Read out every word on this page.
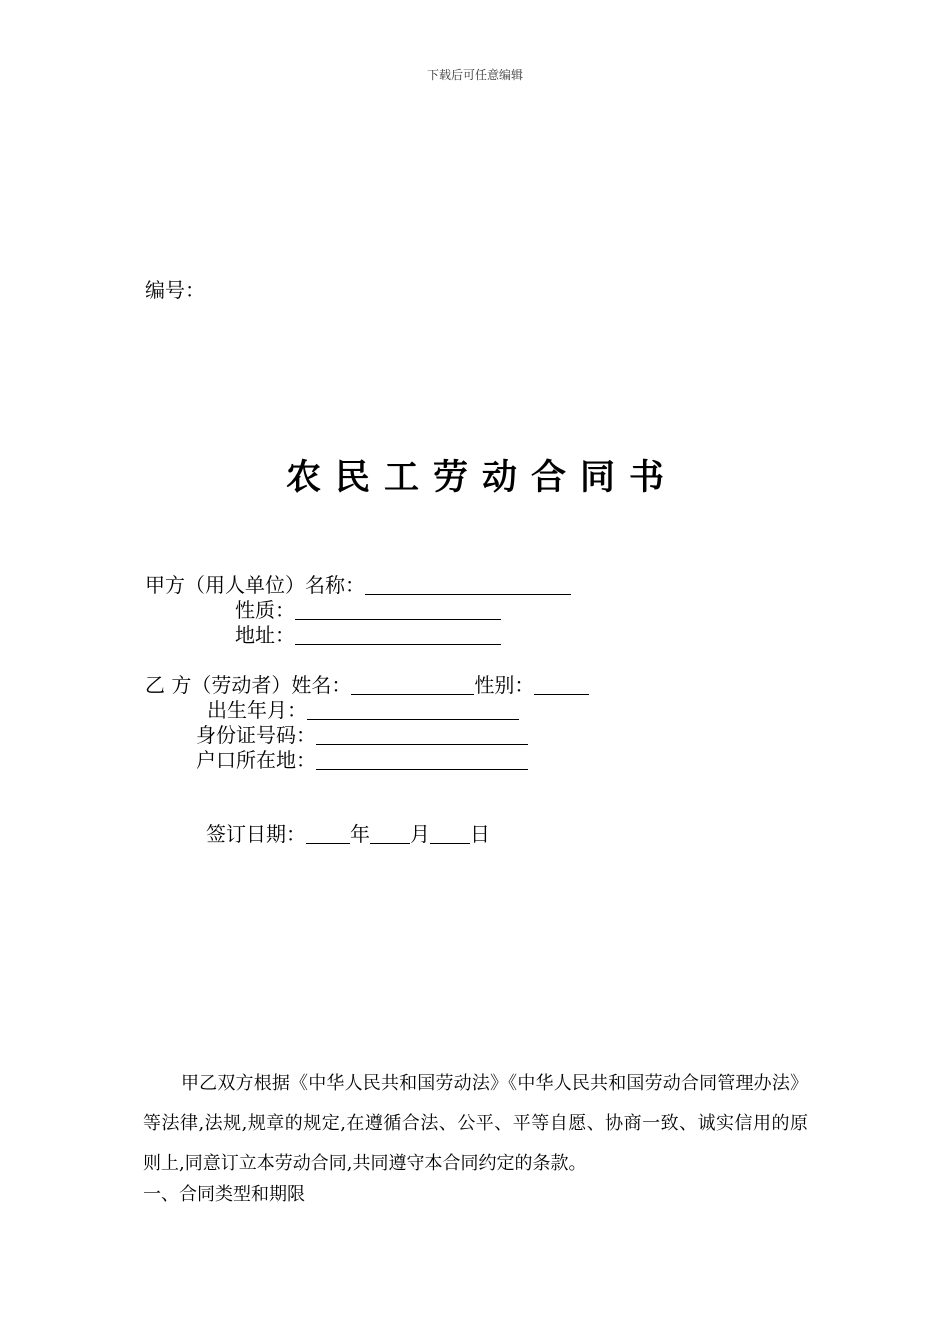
下载后可任意编辑
编号：
农民工劳动合同书
甲方（用人单位）名称：
性质：
地址：
乙 方（劳动者）姓名：	性别：
出生年月：
身份证号码：
户口所在地：
签订日期： 年 月 日
甲乙双方根据《中华人民共和国劳动法》《中华人民共和国劳动合同管理办法》等法律,法规,规章的规定,在遵循合法、公平、平等自愿、协商一致、诚实信用的原则上,同意订立本劳动合同,共同遵守本合同约定的条款。
一、合同类型和期限
